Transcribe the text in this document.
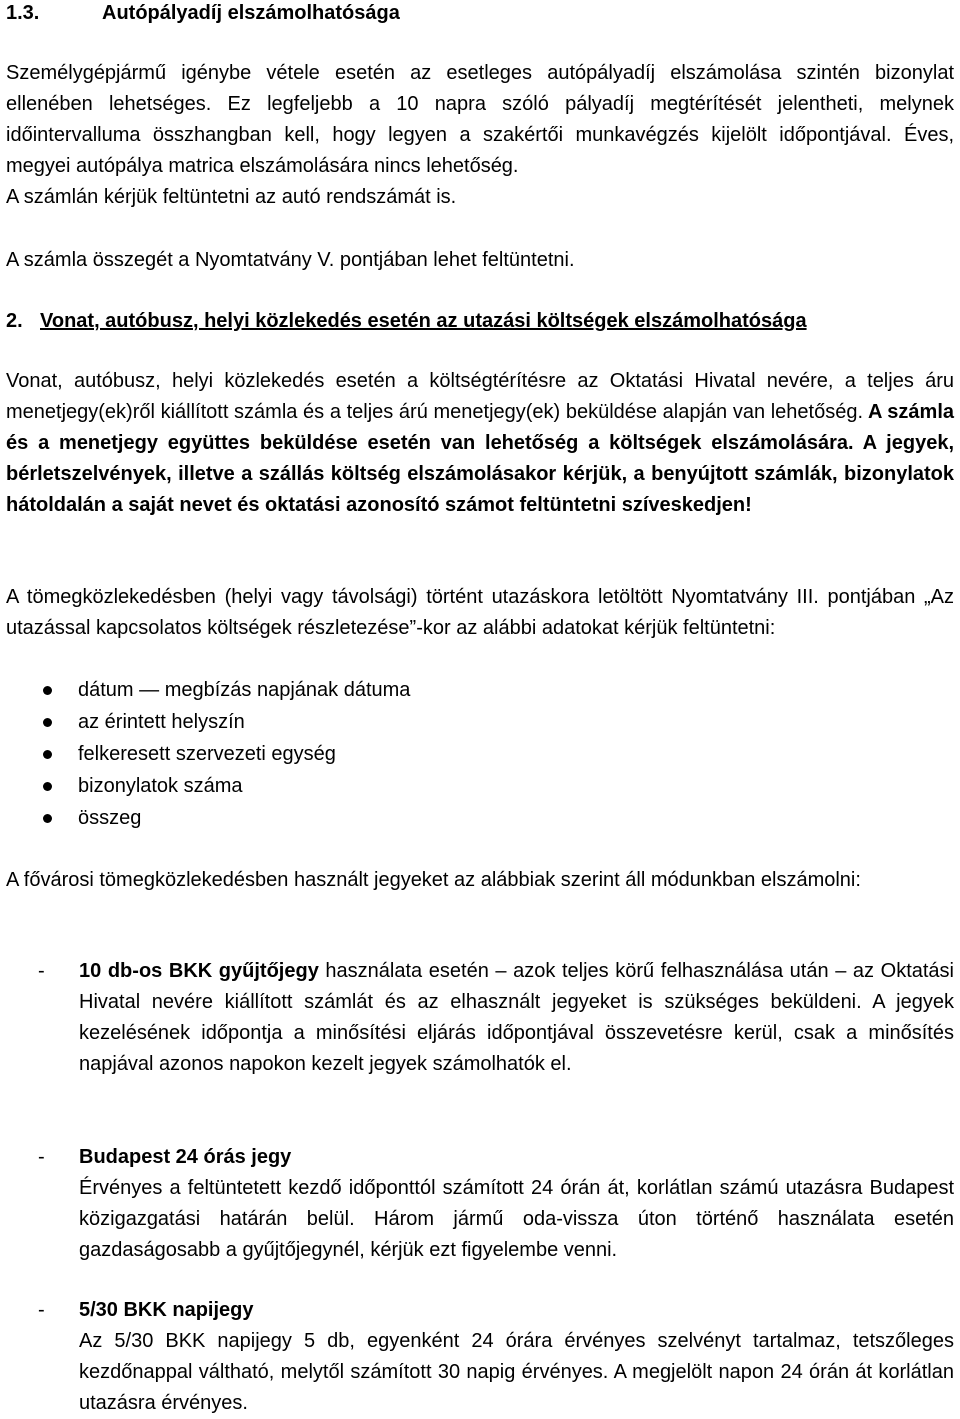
1.3.	Autópályadíj elszámolhatósága

Személygépjármű igénybe vétele esetén az esetleges autópályadíj elszámolása szintén bizonylat ellenében lehetséges. Ez legfeljebb a 10 napra szóló pályadíj megtérítését jelentheti, melynek időintervalluma összhangban kell, hogy legyen a szakértői munkavégzés kijelölt időpontjával. Éves, megyei autópálya matrica elszámolására nincs lehetőség.

A számlán kérjük feltüntetni az autó rendszámát is.

A számla összegét a Nyomtatvány V. pontjában lehet feltüntetni.

2. Vonat, autóbusz, helyi közlekedés esetén az utazási költségek elszámolhatósága

Vonat, autóbusz, helyi közlekedés esetén a költségtérítésre az Oktatási Hivatal nevére, a teljes áru menetjegy(ek)ről kiállított számla és a teljes árú menetjegy(ek) beküldése alapján van lehetőség. A számla és a menetjegy együttes beküldése esetén van lehetőség a költségek elszámolására. A jegyek, bérletszelvények, illetve a szállás költség elszámolásakor kérjük, a benyújtott számlák, bizonylatok hátoldalán a saját nevet és oktatási azonosító számot feltüntetni szíveskedjen!

A tömegközlekedésben (helyi vagy távolsági) történt utazáskora letöltött Nyomtatvány III. pontjában „Az utazással kapcsolatos költségek részletezése”-kor az alábbi adatokat kérjük feltüntetni:

dátum — megbízás napjának dátuma
az érintett helyszín
felkeresett szervezeti egység
bizonylatok száma
összeg

A fővárosi tömegközlekedésben használt jegyeket az alábbiak szerint áll módunkban elszámolni:

- 10 db-os BKK gyűjtőjegy használata esetén – azok teljes körű felhasználása után – az Oktatási Hivatal nevére kiállított számlát és az elhasznált jegyeket is szükséges beküldeni. A jegyek kezelésének időpontja a minősítési eljárás időpontjával összevetésre kerül, csak a minősítés napjával azonos napokon kezelt jegyek számolhatók el.

- Budapest 24 órás jegy

Érvényes a feltüntetett kezdő időponttól számított 24 órán át, korlátlan számú utazásra Budapest közigazgatási határán belül. Három jármű oda-vissza úton történő használata esetén gazdaságosabb a gyűjtőjegynél, kérjük ezt figyelembe venni.

- 5/30 BKK napijegy

Az 5/30 BKK napijegy 5 db, egyenként 24 órára érvényes szelvényt tartalmaz, tetszőleges kezdőnappal váltható, melytől számított 30 napig érvényes. A megjelölt napon 24 órán át korlátlan utazásra érvényes.
